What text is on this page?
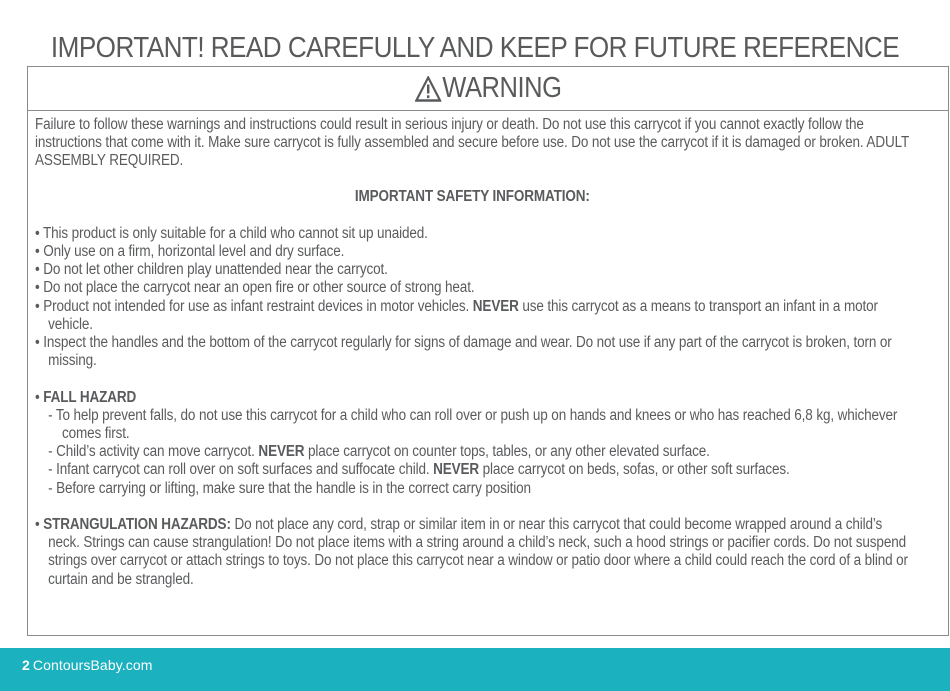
IMPORTANT! READ CAREFULLY AND KEEP FOR FUTURE REFERENCE
WARNING

Failure to follow these warnings and instructions could result in serious injury or death. Do not use this carrycot if you cannot exactly follow the instructions that come with it. Make sure carrycot is fully assembled and secure before use. Do not use the carrycot if it is damaged or broken. ADULT ASSEMBLY REQUIRED.

IMPORTANT SAFETY INFORMATION:

• This product is only suitable for a child who cannot sit up unaided.
• Only use on a firm, horizontal level and dry surface.
• Do not let other children play unattended near the carrycot.
• Do not place the carrycot near an open fire or other source of strong heat.
• Product not intended for use as infant restraint devices in motor vehicles. NEVER use this carrycot as a means to transport an infant in a motor vehicle.
• Inspect the handles and the bottom of the carrycot regularly for signs of damage and wear. Do not use if any part of the carrycot is broken, torn or missing.
• FALL HAZARD
- To help prevent falls, do not use this carrycot for a child who can roll over or push up on hands and knees or who has reached 6,8 kg, whichever comes first.
- Child’s activity can move carrycot. NEVER place carrycot on counter tops, tables, or any other elevated surface.
- Infant carrycot can roll over on soft surfaces and suffocate child. NEVER place carrycot on beds, sofas, or other soft surfaces.
- Before carrying or lifting, make sure that the handle is in the correct carry position
• STRANGULATION HAZARDS: Do not place any cord, strap or similar item in or near this carrycot that could become wrapped around a child’s neck. Strings can cause strangulation! Do not place items with a string around a child’s neck, such a hood strings or pacifier cords. Do not suspend strings over carrycot or attach strings to toys. Do not place this carrycot near a window or patio door where a child could reach the cord of a blind or curtain and be strangled.
2 ContoursBaby.com
